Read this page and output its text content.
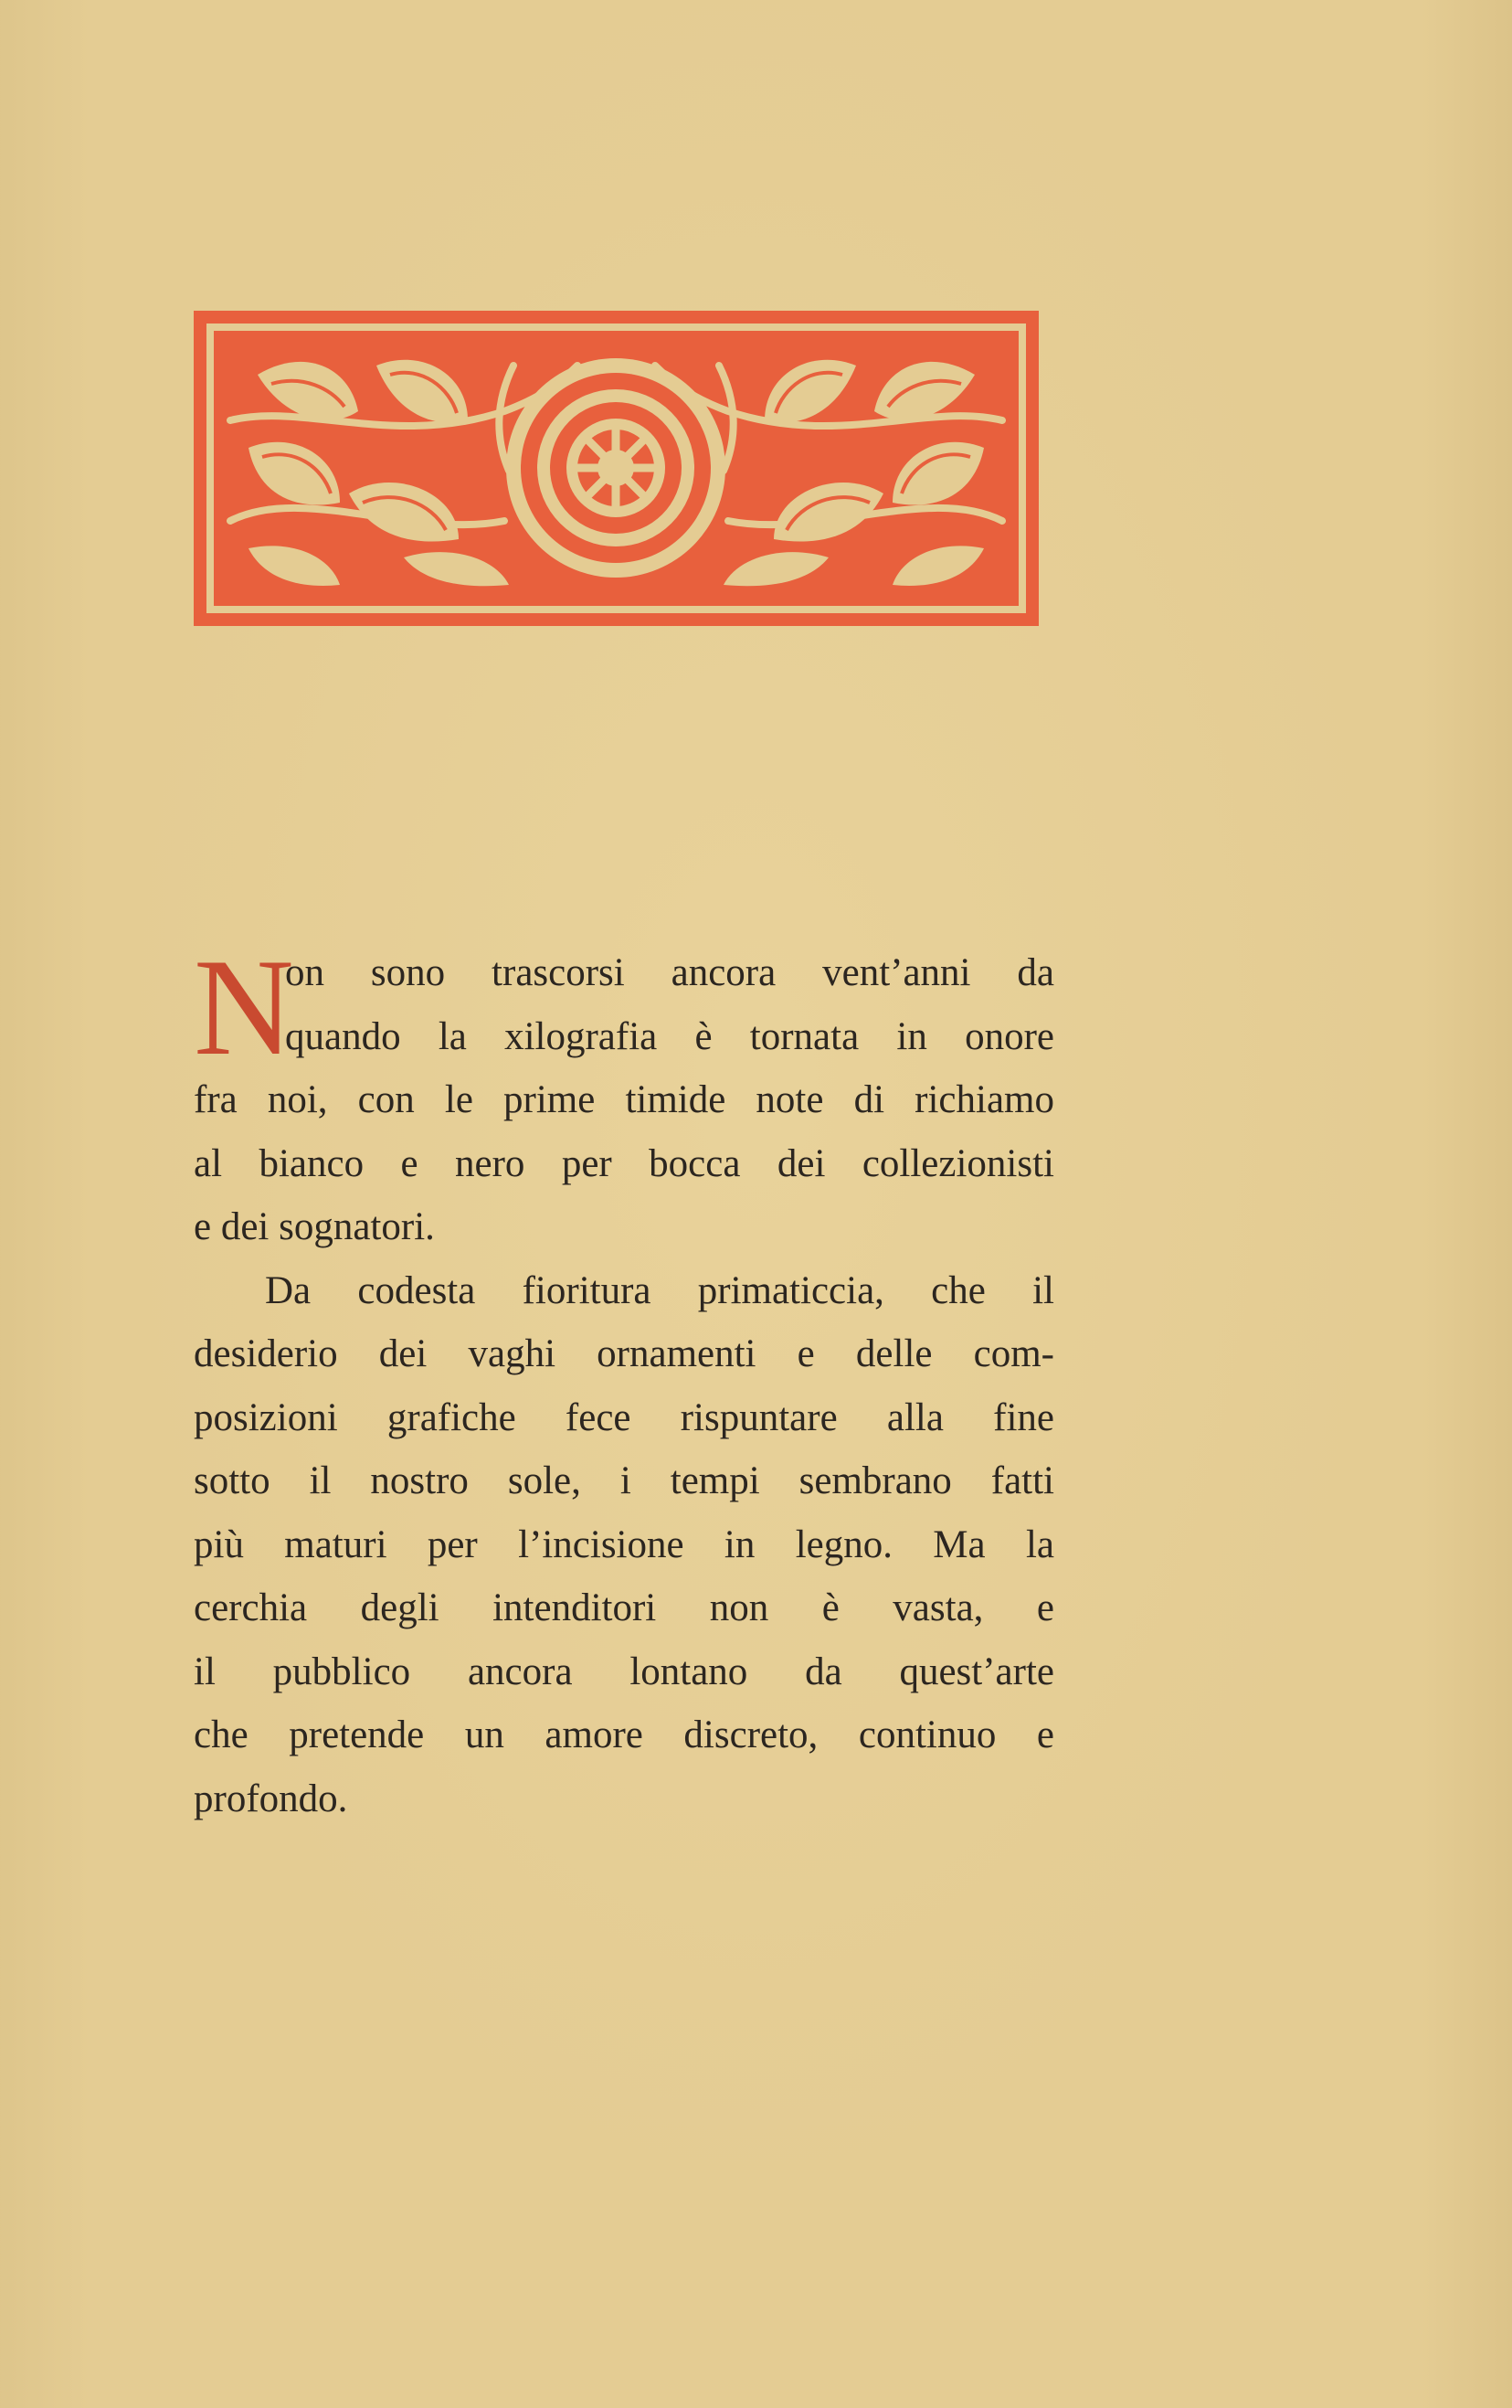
N
on sono trascorsi ancora vent’anni da
quando la xilografia è tornata in onore
fra noi, con le prime timide note di richiamo
al bianco e nero per bocca dei collezionisti
e dei sognatori.
Da codesta fioritura primaticcia, che il
desiderio dei vaghi ornamenti e delle com-
posizioni grafiche fece rispuntare alla fine
sotto il nostro sole, i tempi sembrano fatti
più maturi per l’incisione in legno. Ma la
cerchia degli intenditori non è vasta, e
il pubblico ancora lontano da quest’arte
che pretende un amore discreto, continuo e
profondo.
